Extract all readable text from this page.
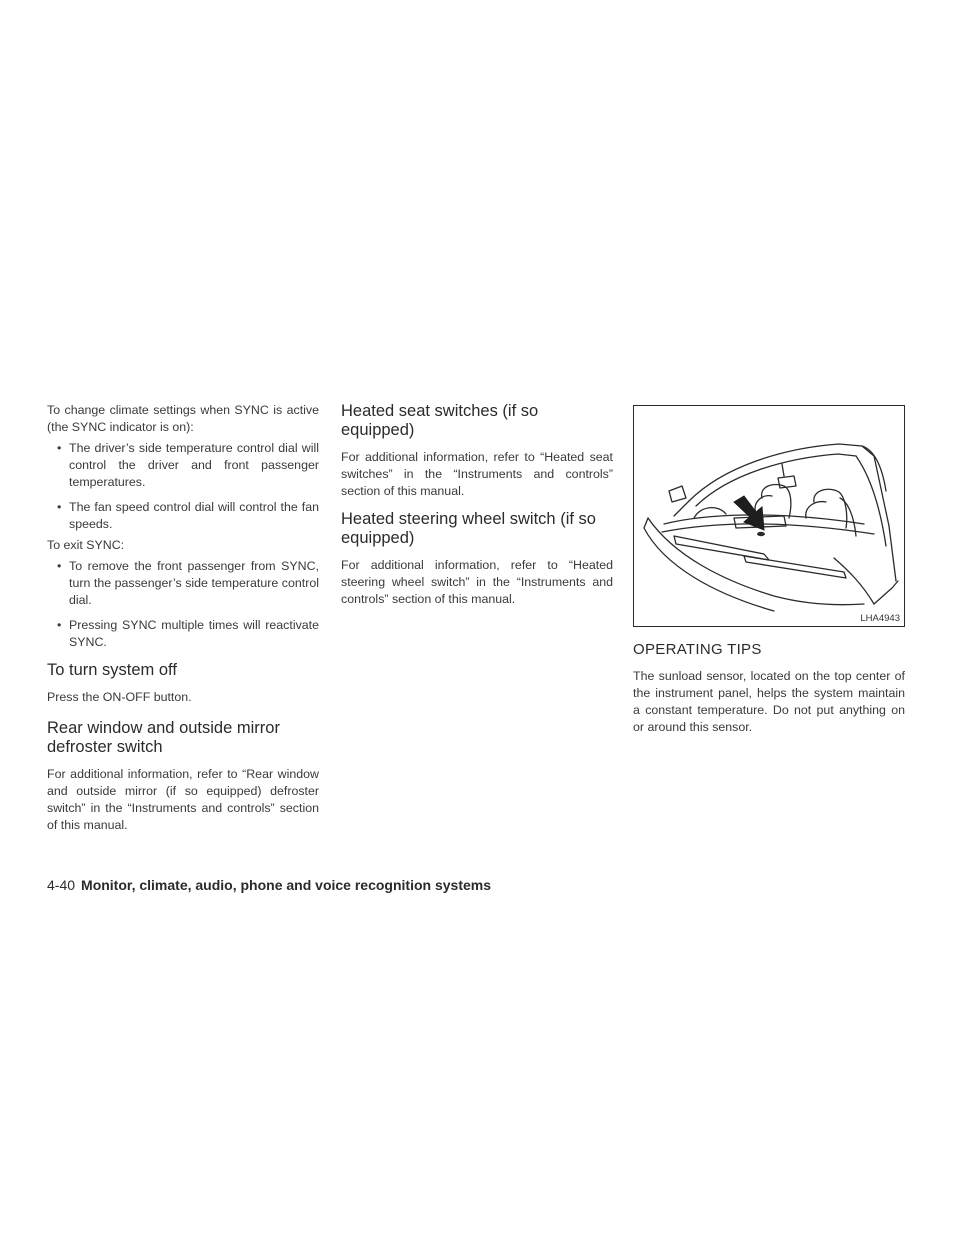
To change climate settings when SYNC is active (the SYNC indicator is on):

• The driver’s side temperature control dial will control the driver and front passenger temperatures.
• The fan speed control dial will control the fan speeds.

To exit SYNC:

• To remove the front passenger from SYNC, turn the passenger’s side temperature control dial.
• Pressing SYNC multiple times will reactivate SYNC.
To turn system off

Press the ON-OFF button.

Rear window and outside mirror defroster switch

For additional information, refer to “Rear window and outside mirror (if so equipped) defroster switch” in the “Instruments and controls” section of this manual.

Heated seat switches (if so equipped)

For additional information, refer to “Heated seat switches” in the “Instruments and controls” section of this manual.

Heated steering wheel switch (if so equipped)

For additional information, refer to “Heated steering wheel switch” in the “Instruments and controls” section of this manual.

LHA4943
OPERATING TIPS

The sunload sensor, located on the top center of the instrument panel, helps the system maintain a constant temperature. Do not put anything on or around this sensor.

4-40 Monitor, climate, audio, phone and voice recognition systems
